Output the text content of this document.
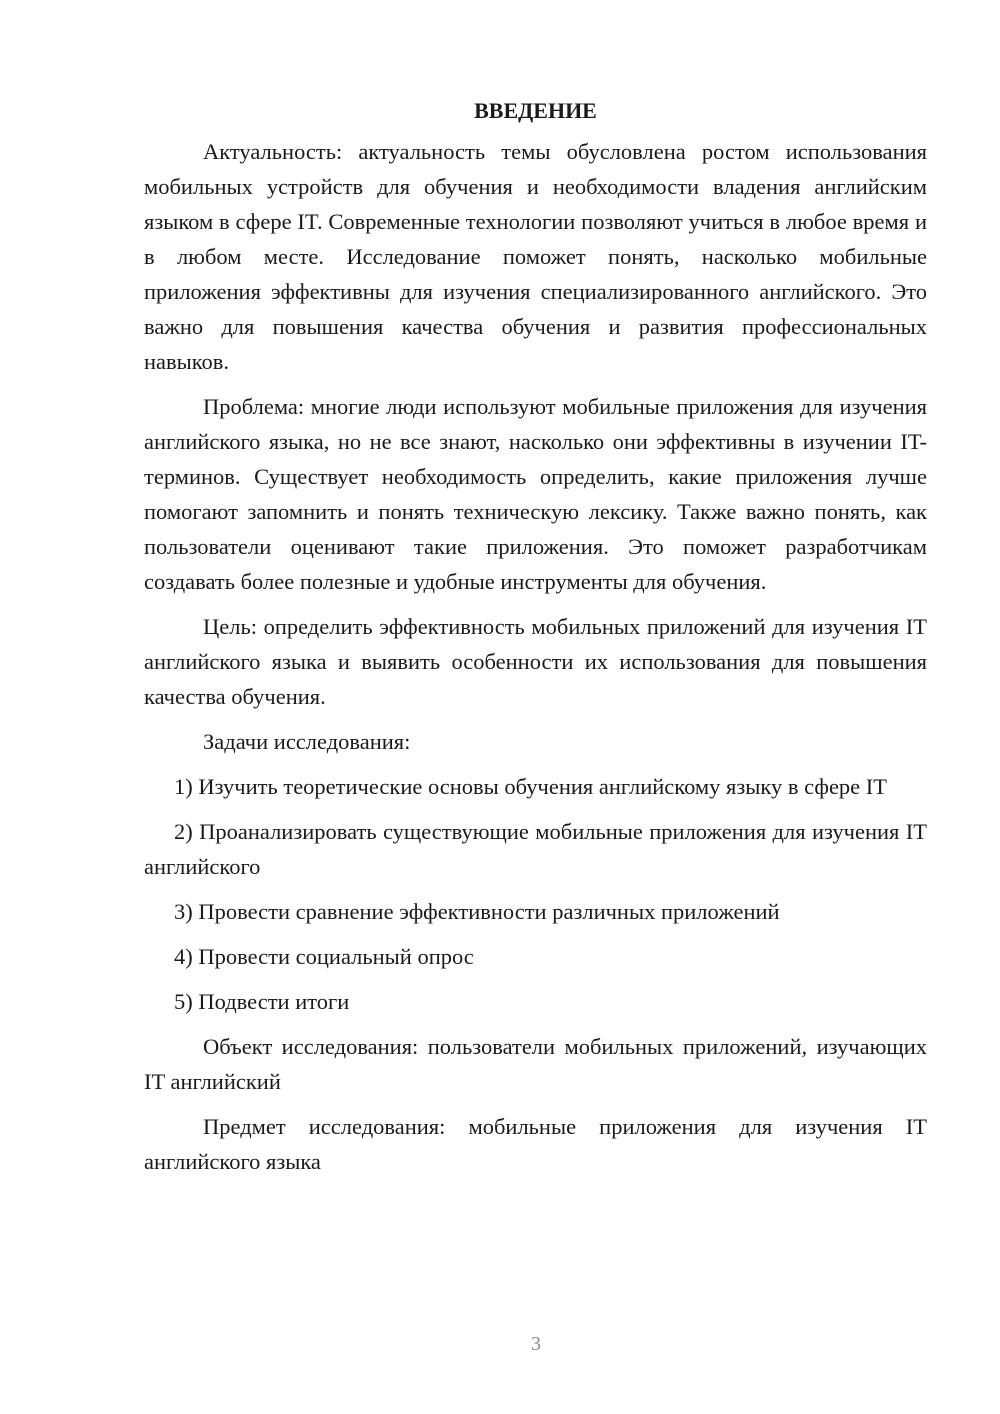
ВВЕДЕНИЕ

Актуальность: актуальность темы обусловлена ростом использования мобильных устройств для обучения и необходимости владения английским языком в сфере IT. Современные технологии позволяют учиться в любое время и в любом месте. Исследование поможет понять, насколько мобильные приложения эффективны для изучения специализированного английского. Это важно для повышения качества обучения и развития профессиональных навыков.

Проблема: многие люди используют мобильные приложения для изучения английского языка, но не все знают, насколько они эффективны в изучении IT-терминов. Существует необходимость определить, какие приложения лучше помогают запомнить и понять техническую лексику. Также важно понять, как пользователи оценивают такие приложения. Это поможет разработчикам создавать более полезные и удобные инструменты для обучения.

Цель: определить эффективность мобильных приложений для изучения IT английского языка и выявить особенности их использования для повышения качества обучения.

Задачи исследования:

1) Изучить теоретические основы обучения английскому языку в сфере IT

2) Проанализировать существующие мобильные приложения для изучения IT английского

3) Провести сравнение эффективности различных приложений

4) Провести социальный опрос

5) Подвести итоги

Объект исследования: пользователи мобильных приложений, изучающих IT английский

Предмет исследования: мобильные приложения для изучения IT английского языка

3
